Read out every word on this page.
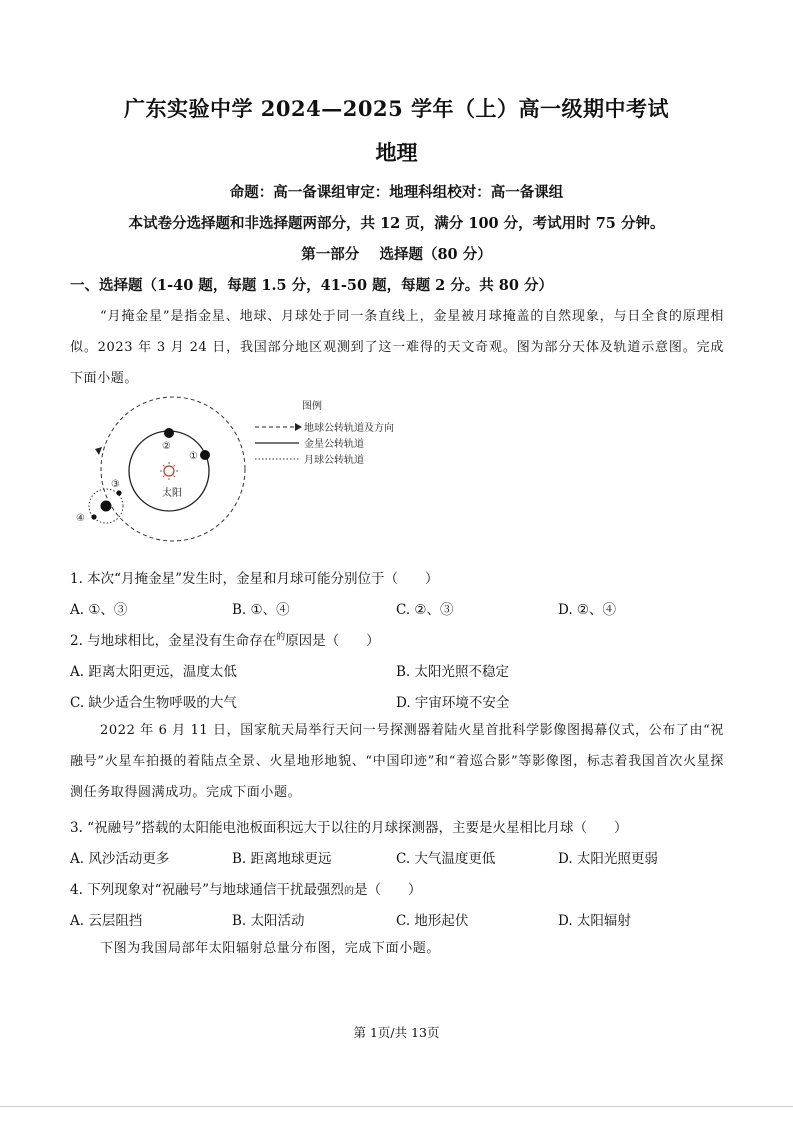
广东实验中学 2024—2025 学年（上）高一级期中考试
地理
命题：高一备课组审定：地理科组校对：高一备课组
本试卷分选择题和非选择题两部分，共 12 页，满分 100 分，考试用时 75 分钟。
第一部分    选择题（80 分）
一、选择题（1-40 题，每题 1.5 分，41-50 题，每题 2 分。共 80 分）
“月掩金星”是指金星、地球、月球处于同一条直线上，金星被月球掩盖的自然现象，与日全食的原理相似。2023 年 3 月 24 日，我国部分地区观测到了这一难得的天文奇观。图为部分天体及轨道示意图。完成下面小题。
太阳
②
①
③
④
图例
地球公转轨道及方向
金星公转轨道
月球公转轨道
1. 本次“月掩金星”发生时，金星和月球可能分别位于（　　）
A. ①、③	B. ①、④	C. ②、③	D. ②、④
2. 与地球相比，金星没有生命存在$^的$原因是（　　）
A. 距离太阳更远，温度太低	B. 太阳光照不稳定
C. 缺少适合生物呼吸的大气	D. 宇宙环境不安全
2022 年 6 月 11 日，国家航天局举行天问一号探测器着陆火星首批科学影像图揭幕仪式，公布了由“祝融号”火星车拍摄的着陆点全景、火星地形地貌、“中国印迹”和“着巡合影”等影像图，标志着我国首次火星探测任务取得圆满成功。完成下面小题。
3. “祝融号”搭载的太阳能电池板面积远大于以往的月球探测器，主要是火星相比月球（　　）
A. 风沙活动更多	B. 距离地球更远	C. 大气温度更低	D. 太阳光照更弱
4. 下列现象对“祝融号”与地球通信干扰最强烈的是（　　）
A. 云层阻挡	B. 太阳活动	C. 地形起伏	D. 太阳辐射
下图为我国局部年太阳辐射总量分布图，完成下面小题。
第 1页/共 13页
